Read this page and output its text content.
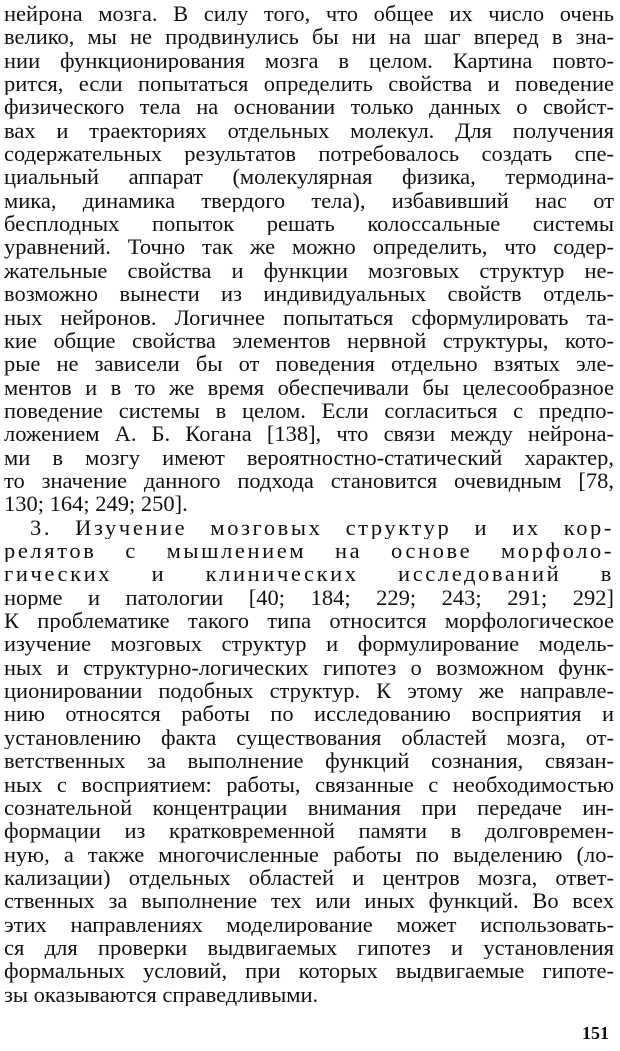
нейрона мозга. В силу того, что общее их число очень
велико, мы не продвинулись бы ни на шаг вперед в зна-
нии функционирования мозга в целом. Картина повто-
рится, если попытаться определить свойства и поведение
физического тела на основании только данных о свойст-
вах и траекториях отдельных молекул. Для получения
содержательных результатов потребовалось создать спе-
циальный аппарат (молекулярная физика, термодина-
мика, динамика твердого тела), избавивший нас от
бесплодных попыток решать колоссальные системы
уравнений. Точно так же можно определить, что содер-
жательные свойства и функции мозговых структур не-
возможно вынести из индивидуальных свойств отдель-
ных нейронов. Логичнее попытаться сформулировать та-
кие общие свойства элементов нервной структуры, кото-
рые не зависели бы от поведения отдельно взятых эле-
ментов и в то же время обеспечивали бы целесообразное
поведение системы в целом. Если согласиться с предпо-
ложением А. Б. Когана [138], что связи между нейрона-
ми в мозгу имеют вероятностно-статический характер,
то значение данного подхода становится очевидным [78,
130; 164; 249; 250].
3. Изучение мозговых структур и их кор-
релятов с мышлением на основе морфоло-
гических и клинических исследований в
норме и патологии [40; 184; 229; 243; 291; 292]
К проблематике такого типа относится морфологическое
изучение мозговых структур и формулирование модель-
ных и структурно-логических гипотез о возможном функ-
ционировании подобных структур. К этому же направле-
нию относятся работы по исследованию восприятия и
установлению факта существования областей мозга, от-
ветственных за выполнение функций сознания, связан-
ных с восприятием: работы, связанные с необходимостью
сознательной концентрации внимания при передаче ин-
формации из кратковременной памяти в долговремен-
ную, а также многочисленные работы по выделению (ло-
кализации) отдельных областей и центров мозга, ответ-
ственных за выполнение тех или иных функций. Во всех
этих направлениях моделирование может использовать-
ся для проверки выдвигаемых гипотез и установления
формальных условий, при которых выдвигаемые гипоте-
зы оказываются справедливыми.
151
